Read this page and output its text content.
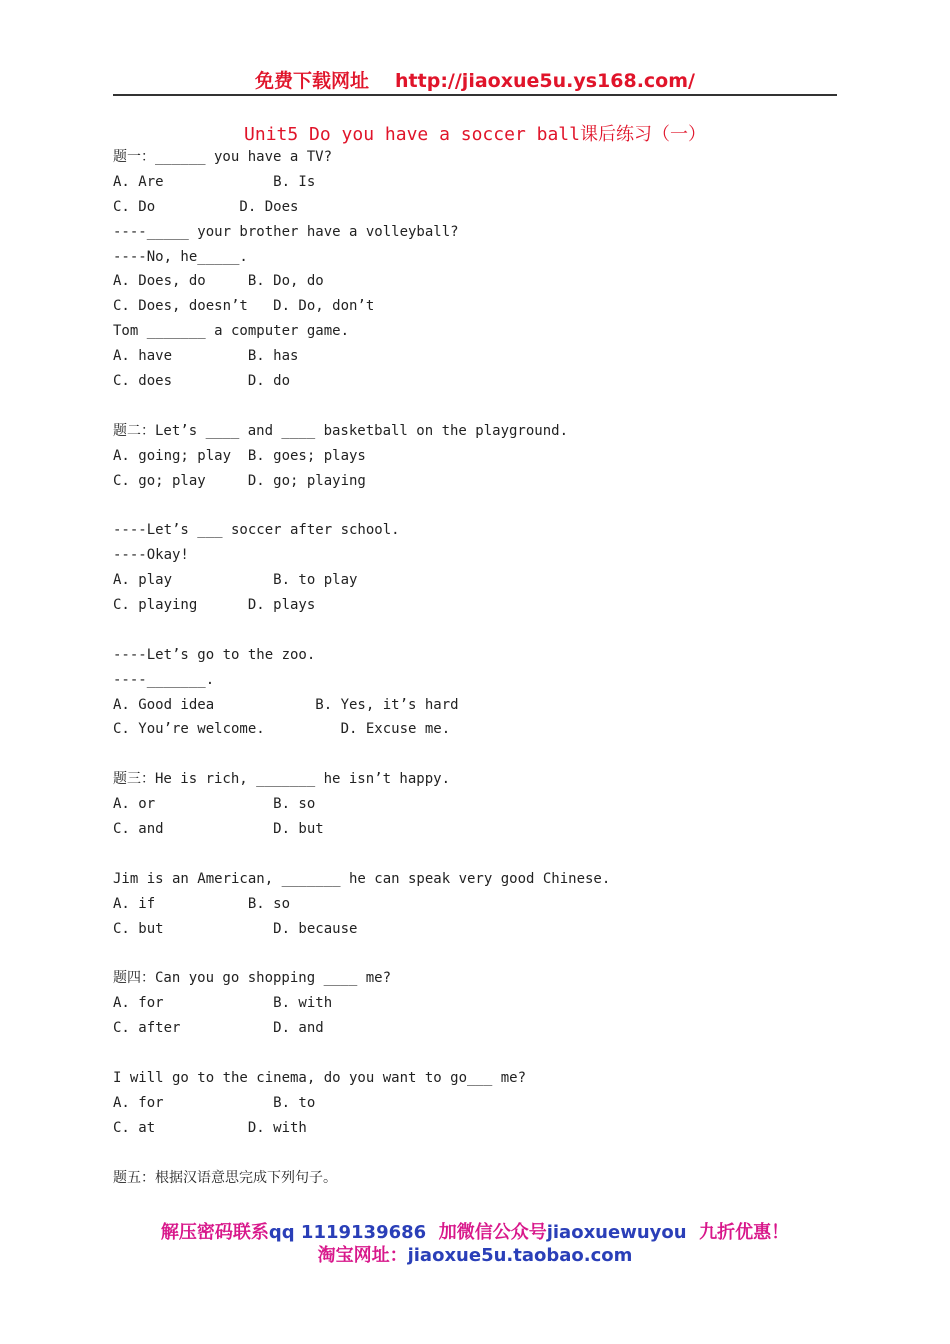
免费下载网址 http://jiaoxue5u.ys168.com/
Unit5 Do you have a soccer ball课后练习（一）
题一：______ you have a TV?
A. Are             B. Is
C. Do          D. Does
----_____ your brother have a volleyball?
----No, he_____.
A. Does, do     B. Do, do
C. Does, doesn’t   D. Do, don’t
Tom _______ a computer game.
A. have         B. has
C. does         D. do
题二：Let’s ____ and ____ basketball on the playground.
A. going; play  B. goes; plays
C. go; play     D. go; playing
----Let’s ___ soccer after school.
----Okay!
A. play            B. to play
C. playing      D. plays
----Let’s go to the zoo.
----_______.
A. Good idea            B. Yes, it’s hard
C. You’re welcome.         D. Excuse me.
题三：He is rich, _______ he isn’t happy.
A. or              B. so
C. and             D. but
Jim is an American, _______ he can speak very good Chinese.
A. if           B. so
C. but             D. because
题四：Can you go shopping ____ me?
A. for             B. with
C. after           D. and
I will go to the cinema, do you want to go___ me?
A. for             B. to
C. at           D. with
题五：根据汉语意思完成下列句子。
解压密码联系qq 1119139686 加微信公众号jiaoxuewuyou 九折优惠！
淘宝网址：jiaoxue5u.taobao.com
